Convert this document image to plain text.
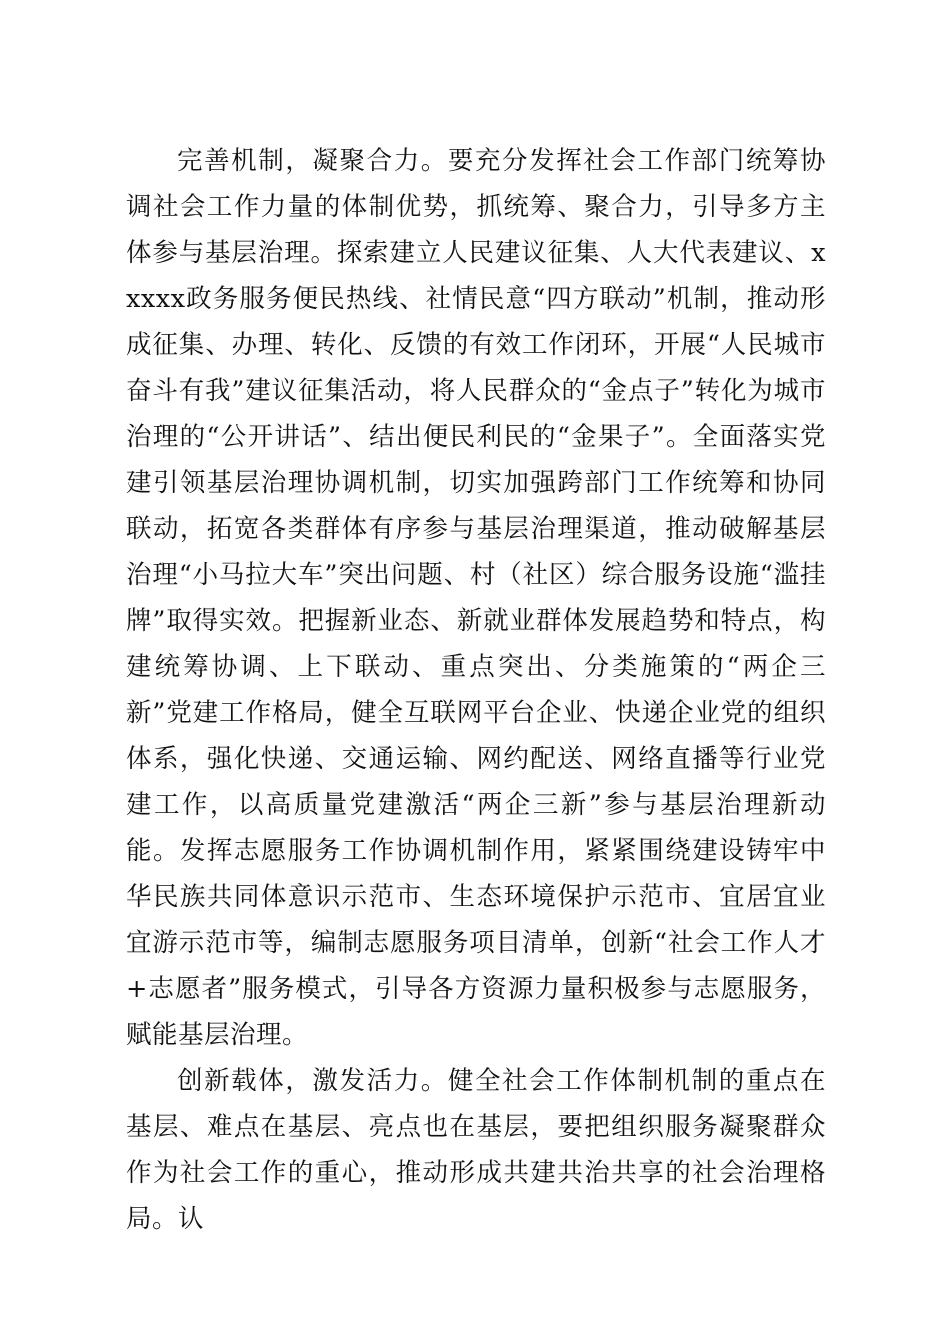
完善机制，凝聚合力。要充分发挥社会工作部门统筹协调社会工作力量的体制优势，抓统筹、聚合力，引导多方主体参与基层治理。探索建立人民建议征集、人大代表建议、xxxxx政务服务便民热线、社情民意“四方联动”机制，推动形成征集、办理、转化、反馈的有效工作闭环，开展“人民城市奋斗有我”建议征集活动，将人民群众的“金点子”转化为城市治理的“公开讲话”、结出便民利民的“金果子”。全面落实党建引领基层治理协调机制，切实加强跨部门工作统筹和协同联动，拓宽各类群体有序参与基层治理渠道，推动破解基层治理“小马拉大车”突出问题、村（社区）综合服务设施“滥挂牌”取得实效。把握新业态、新就业群体发展趋势和特点，构建统筹协调、上下联动、重点突出、分类施策的“两企三新”党建工作格局，健全互联网平台企业、快递企业党的组织体系，强化快递、交通运输、网约配送、网络直播等行业党建工作，以高质量党建激活“两企三新”参与基层治理新动能。发挥志愿服务工作协调机制作用，紧紧围绕建设铸牢中华民族共同体意识示范市、生态环境保护示范市、宜居宜业宜游示范市等，编制志愿服务项目清单，创新“社会工作人才+志愿者”服务模式，引导各方资源力量积极参与志愿服务，赋能基层治理。

创新载体，激发活力。健全社会工作体制机制的重点在基层、难点在基层、亮点也在基层，要把组织服务凝聚群众作为社会工作的重心，推动形成共建共治共享的社会治理格局。认
